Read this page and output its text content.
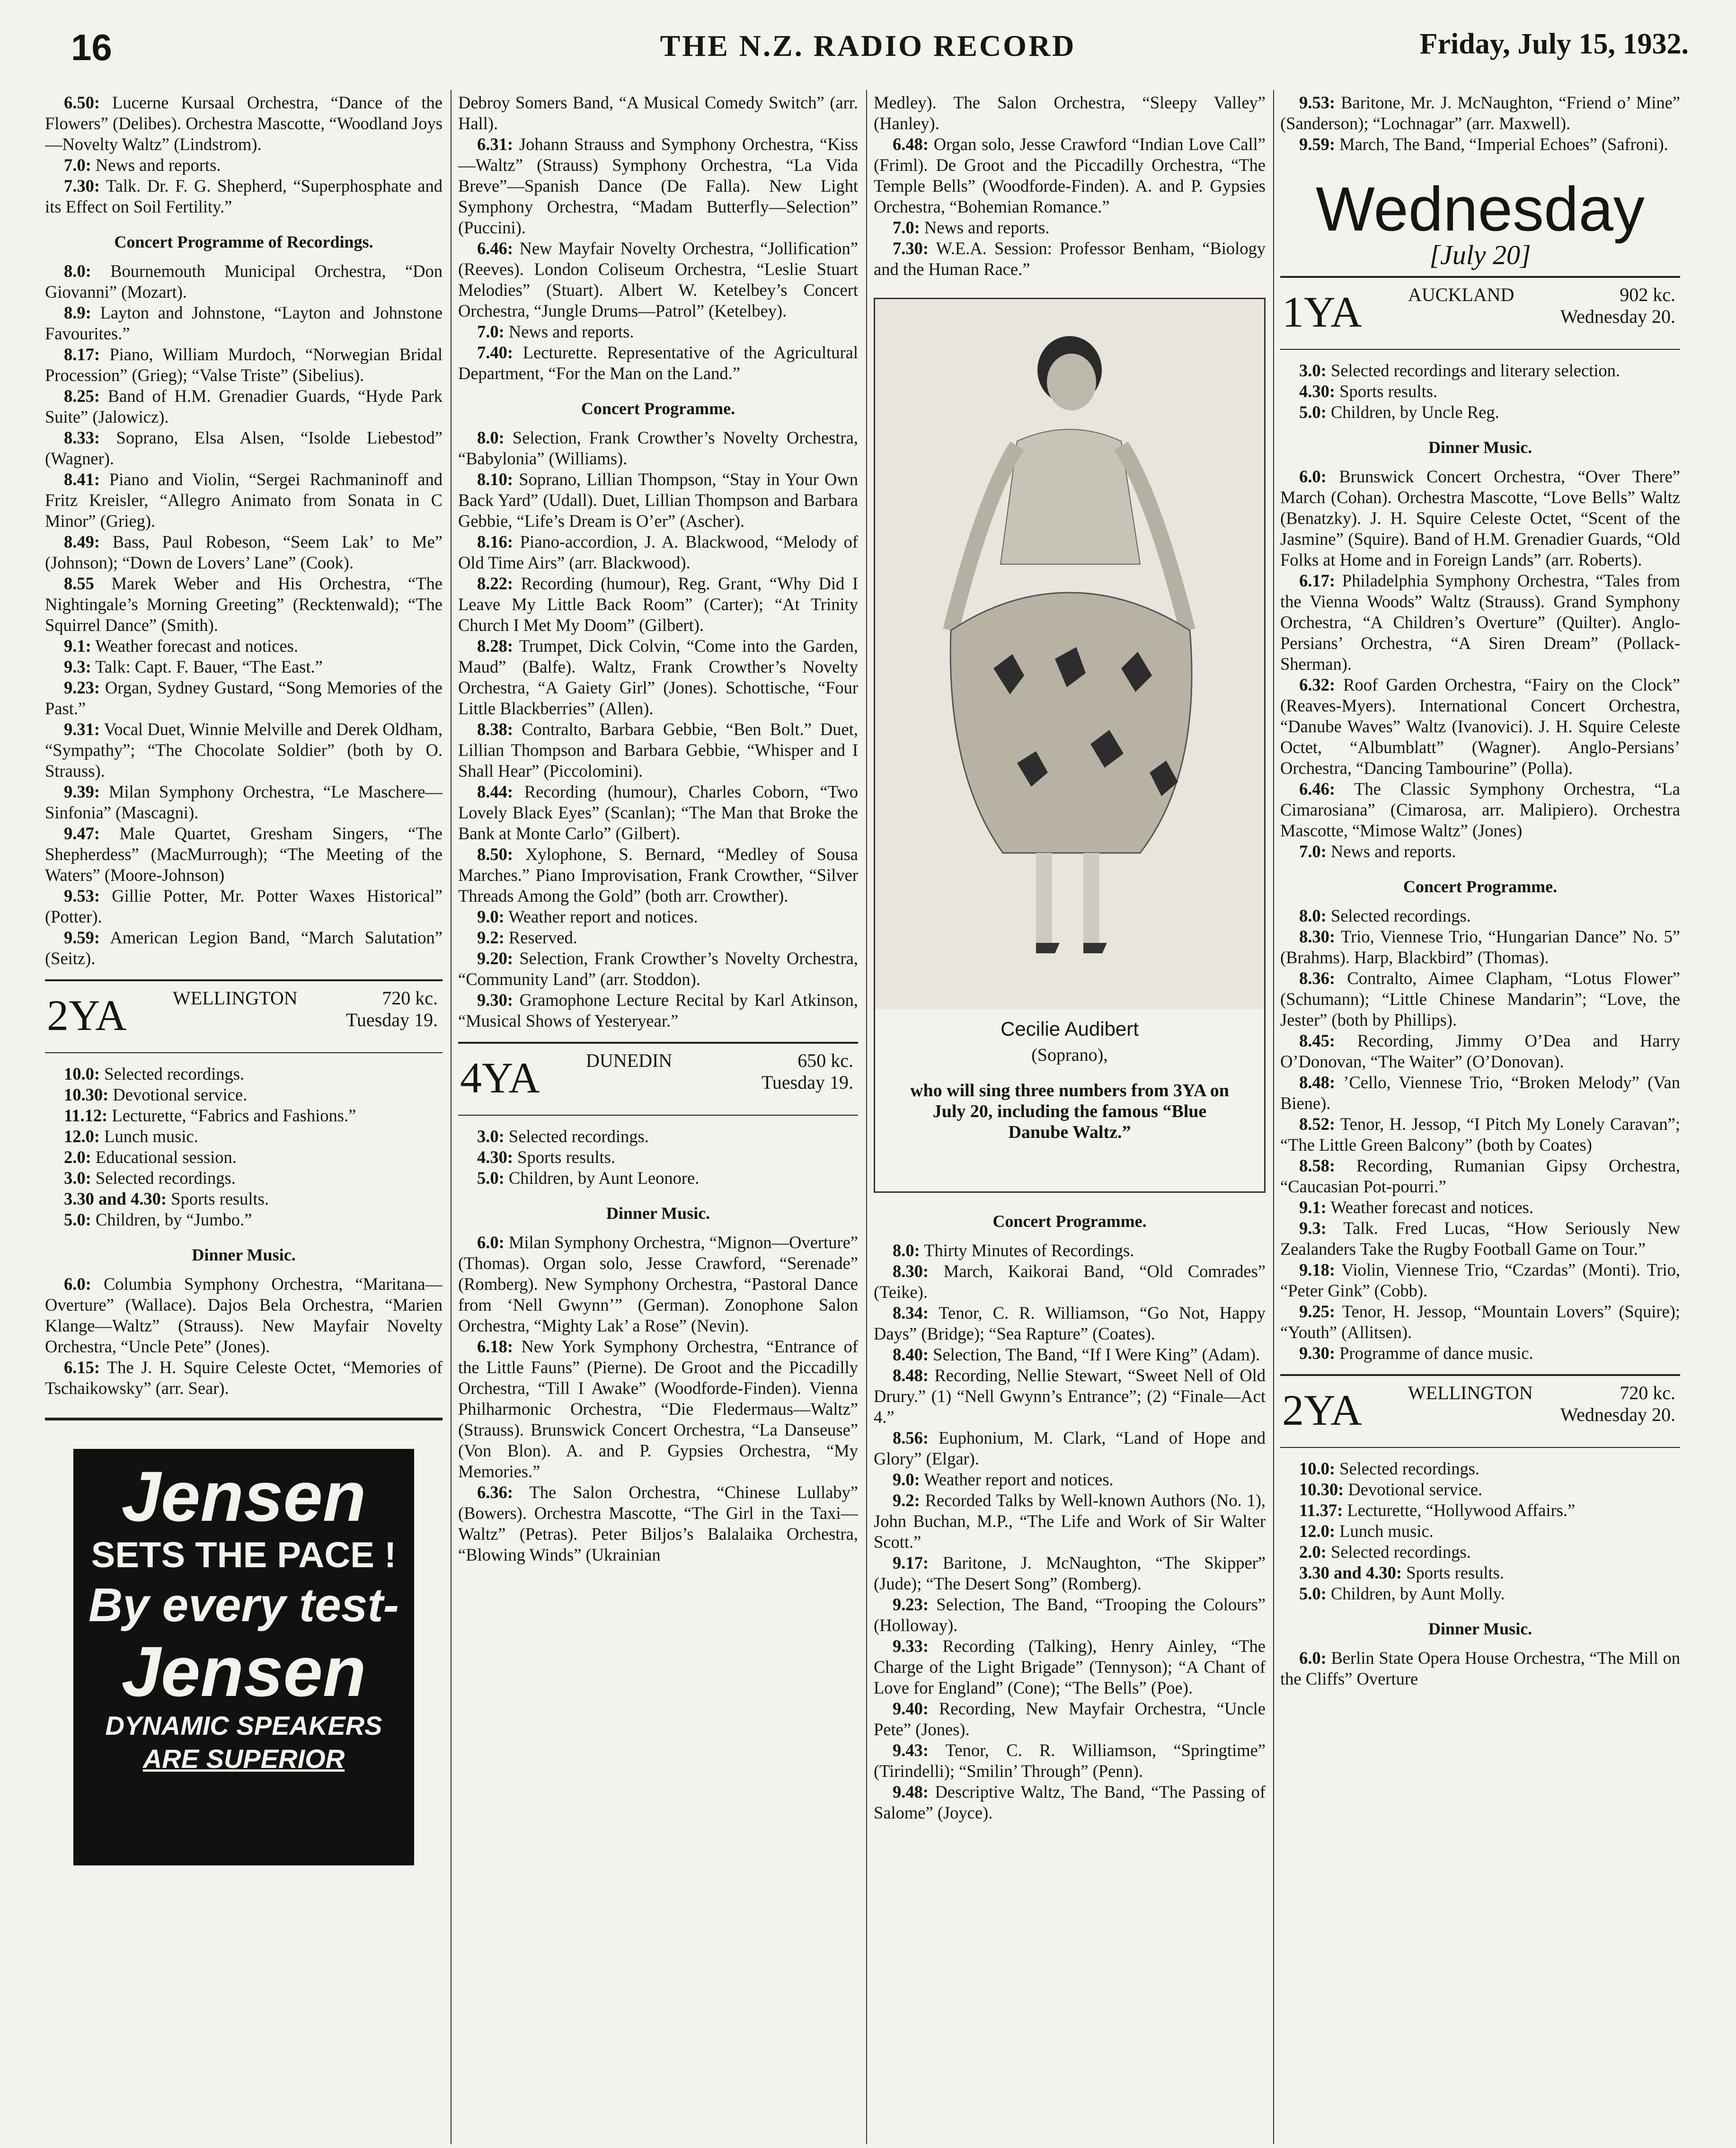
16	THE N.Z. RADIO RECORD	Friday, July 15, 1932.

6.50: Lucerne Kursaal Orchestra, “Dance of the Flowers” (Delibes). Orchestra Mascotte, “Woodland Joys—Novelty Waltz” (Lindstrom).

7.0: News and reports.

7.30: Talk. Dr. F. G. Shepherd, “Superphosphate and its Effect on Soil Fertility.”

Concert Programme of Recordings.

8.0: Bournemouth Municipal Orchestra, “Don Giovanni” (Mozart).

8.9: Layton and Johnstone, “Layton and Johnstone Favourites.”

8.17: Piano, William Murdoch, “Norwegian Bridal Procession” (Grieg); “Valse Triste” (Sibelius).

8.25: Band of H.M. Grenadier Guards, “Hyde Park Suite” (Jalowicz).

8.33: Soprano, Elsa Alsen, “Isolde Liebestod” (Wagner).

8.41: Piano and Violin, “Sergei Rachmaninoff and Fritz Kreisler, “Allegro Animato from Sonata in C Minor” (Grieg).

8.49: Bass, Paul Robeson, “Seem Lak’ to Me” (Johnson); “Down de Lovers’ Lane” (Cook).

8.55 Marek Weber and His Orchestra, “The Nightingale’s Morning Greeting” (Recktenwald); “The Squirrel Dance” (Smith).

9.1: Weather forecast and notices.

9.3: Talk: Capt. F. Bauer, “The East.”

9.23: Organ, Sydney Gustard, “Song Memories of the Past.”

9.31: Vocal Duet, Winnie Melville and Derek Oldham, “Sympathy”; “The Chocolate Soldier” (both by O. Strauss).

9.39: Milan Symphony Orchestra, “Le Maschere—Sinfonia” (Mascagni).

9.47: Male Quartet, Gresham Singers, “The Shepherdess” (MacMurrough); “The Meeting of the Waters” (Moore-Johnson)

9.53: Gillie Potter, Mr. Potter Waxes Historical” (Potter).

9.59: American Legion Band, “March Salutation” (Seitz).

2YA WELLINGTON	720 kc.
Tuesday 19.

10.0: Selected recordings.

10.30: Devotional service.

11.12: Lecturette, “Fabrics and Fashions.”

12.0: Lunch music.

2.0: Educational session.

3.0: Selected recordings.

3.30 and 4.30: Sports results.

5.0: Children, by “Jumbo.”

Dinner Music.

6.0: Columbia Symphony Orchestra, “Maritana—Overture” (Wallace). Dajos Bela Orchestra, “Marien Klange—Waltz” (Strauss). New Mayfair Novelty Orchestra, “Uncle Pete” (Jones).

6.15: The J. H. Squire Celeste Octet, “Memories of Tschaikowsky” (arr. Sear).

Jensen
SETS THE PACE !
By every test-
Jensen
DYNAMIC SPEAKERS
ARE SUPERIOR

Debroy Somers Band, “A Musical Comedy Switch” (arr. Hall).

6.31: Johann Strauss and Symphony Orchestra, “Kiss—Waltz” (Strauss) Symphony Orchestra, “La Vida Breve”—Spanish Dance (De Falla). New Light Symphony Orchestra, “Madam Butterfly—Selection” (Puccini).

6.46: New Mayfair Novelty Orchestra, “Jollification” (Reeves). London Coliseum Orchestra, “Leslie Stuart Melodies” (Stuart). Albert W. Ketelbey’s Concert Orchestra, “Jungle Drums—Patrol” (Ketelbey).

7.0: News and reports.

7.40: Lecturette. Representative of the Agricultural Department, “For the Man on the Land.”

Concert Programme.

8.0: Selection, Frank Crowther’s Novelty Orchestra, “Babylonia” (Williams).

8.10: Soprano, Lillian Thompson, “Stay in Your Own Back Yard” (Udall). Duet, Lillian Thompson and Barbara Gebbie, “Life’s Dream is O’er” (Ascher).

8.16: Piano-accordion, J. A. Blackwood, “Melody of Old Time Airs” (arr. Blackwood).

8.22: Recording (humour), Reg. Grant, “Why Did I Leave My Little Back Room” (Carter); “At Trinity Church I Met My Doom” (Gilbert).

8.28: Trumpet, Dick Colvin, “Come into the Garden, Maud” (Balfe). Waltz, Frank Crowther’s Novelty Orchestra, “A Gaiety Girl” (Jones). Schottische, “Four Little Blackberries” (Allen).

8.38: Contralto, Barbara Gebbie, “Ben Bolt.” Duet, Lillian Thompson and Barbara Gebbie, “Whisper and I Shall Hear” (Piccolomini).

8.44: Recording (humour), Charles Coborn, “Two Lovely Black Eyes” (Scanlan); “The Man that Broke the Bank at Monte Carlo” (Gilbert).

8.50: Xylophone, S. Bernard, “Medley of Sousa Marches.” Piano Improvisation, Frank Crowther, “Silver Threads Among the Gold” (both arr. Crowther).

9.0: Weather report and notices.

9.2: Reserved.

9.20: Selection, Frank Crowther’s Novelty Orchestra, “Community Land” (arr. Stoddon).

9.30: Gramophone Lecture Recital by Karl Atkinson, “Musical Shows of Yesteryear.”

4YA DUNEDIN	650 kc.
Tuesday 19.

3.0: Selected recordings.

4.30: Sports results.

5.0: Children, by Aunt Leonore.

Dinner Music.

6.0: Milan Symphony Orchestra, “Mignon—Overture” (Thomas). Organ solo, Jesse Crawford, “Serenade” (Romberg). New Symphony Orchestra, “Pastoral Dance from ‘Nell Gwynn’” (German). Zonophone Salon Orchestra, “Mighty Lak’ a Rose” (Nevin).

6.18: New York Symphony Orchestra, “Entrance of the Little Fauns” (Pierne). De Groot and the Piccadilly Orchestra, “Till I Awake” (Woodforde-Finden). Vienna Philharmonic Orchestra, “Die Fledermaus—Waltz” (Strauss). Brunswick Concert Orchestra, “La Danseuse” (Von Blon). A. and P. Gypsies Orchestra, “My Memories.”

6.36: The Salon Orchestra, “Chinese Lullaby” (Bowers). Orchestra Mascotte, “The Girl in the Taxi—Waltz” (Petras). Peter Biljos’s Balalaika Orchestra, “Blowing Winds” (Ukrainian

Medley). The Salon Orchestra, “Sleepy Valley” (Hanley).

6.48: Organ solo, Jesse Crawford “Indian Love Call” (Friml). De Groot and the Piccadilly Orchestra, “The Temple Bells” (Woodforde-Finden). A. and P. Gypsies Orchestra, “Bohemian Romance.”

7.0: News and reports.

7.30: W.E.A. Session: Professor Benham, “Biology and the Human Race.”

Cecilie Audibert
(Soprano),
who will sing three numbers from 3YA on July 20, including the famous “Blue Danube Waltz.”
Concert Programme.

8.0: Thirty Minutes of Recordings.

8.30: March, Kaikorai Band, “Old Comrades” (Teike).

8.34: Tenor, C. R. Williamson, “Go Not, Happy Days” (Bridge); “Sea Rapture” (Coates).

8.40: Selection, The Band, “If I Were King” (Adam).

8.48: Recording, Nellie Stewart, “Sweet Nell of Old Drury.” (1) “Nell Gwynn’s Entrance”; (2) “Finale—Act 4.”

8.56: Euphonium, M. Clark, “Land of Hope and Glory” (Elgar).

9.0: Weather report and notices.

9.2: Recorded Talks by Well-known Authors (No. 1), John Buchan, M.P., “The Life and Work of Sir Walter Scott.”

9.17: Baritone, J. McNaughton, “The Skipper” (Jude); “The Desert Song” (Romberg).

9.23: Selection, The Band, “Trooping the Colours” (Holloway).

9.33: Recording (Talking), Henry Ainley, “The Charge of the Light Brigade” (Tennyson); “A Chant of Love for England” (Cone); “The Bells” (Poe).

9.40: Recording, New Mayfair Orchestra, “Uncle Pete” (Jones).

9.43: Tenor, C. R. Williamson, “Springtime” (Tirindelli); “Smilin’ Through” (Penn).

9.48: Descriptive Waltz, The Band, “The Passing of Salome” (Joyce).

9.53: Baritone, Mr. J. McNaughton, “Friend o’ Mine” (Sanderson); “Lochnagar” (arr. Maxwell).

9.59: March, The Band, “Imperial Echoes” (Safroni).

Wednesday
[July 20]
1YA AUCKLAND	902 kc.
Wednesday 20.

3.0: Selected recordings and literary selection.

4.30: Sports results.

5.0: Children, by Uncle Reg.

Dinner Music.

6.0: Brunswick Concert Orchestra, “Over There” March (Cohan). Orchestra Mascotte, “Love Bells” Waltz (Benatzky). J. H. Squire Celeste Octet, “Scent of the Jasmine” (Squire). Band of H.M. Grenadier Guards, “Old Folks at Home and in Foreign Lands” (arr. Roberts).

6.17: Philadelphia Symphony Orchestra, “Tales from the Vienna Woods” Waltz (Strauss). Grand Symphony Orchestra, “A Children’s Overture” (Quilter). Anglo-Persians’ Orchestra, “A Siren Dream” (Pollack-Sherman).

6.32: Roof Garden Orchestra, “Fairy on the Clock” (Reaves-Myers). International Concert Orchestra, “Danube Waves” Waltz (Ivanovici). J. H. Squire Celeste Octet, “Albumblatt” (Wagner). Anglo-Persians’ Orchestra, “Dancing Tambourine” (Polla).

6.46: The Classic Symphony Orchestra, “La Cimarosiana” (Cimarosa, arr. Malipiero). Orchestra Mascotte, “Mimose Waltz” (Jones)

7.0: News and reports.

Concert Programme.

8.0: Selected recordings.

8.30: Trio, Viennese Trio, “Hungarian Dance” No. 5” (Brahms). Harp, Blackbird” (Thomas).

8.36: Contralto, Aimee Clapham, “Lotus Flower” (Schumann); “Little Chinese Mandarin”; “Love, the Jester” (both by Phillips).

8.45: Recording, Jimmy O’Dea and Harry O’Donovan, “The Waiter” (O’Donovan).

8.48: ’Cello, Viennese Trio, “Broken Melody” (Van Biene).

8.52: Tenor, H. Jessop, “I Pitch My Lonely Caravan”; “The Little Green Balcony” (both by Coates)

8.58: Recording, Rumanian Gipsy Orchestra, “Caucasian Pot-pourri.”

9.1: Weather forecast and notices.

9.3: Talk. Fred Lucas, “How Seriously New Zealanders Take the Rugby Football Game on Tour.”

9.18: Violin, Viennese Trio, “Czardas” (Monti). Trio, “Peter Gink” (Cobb).

9.25: Tenor, H. Jessop, “Mountain Lovers” (Squire); “Youth” (Allitsen).

9.30: Programme of dance music.

2YA WELLINGTON	720 kc.
Wednesday 20.

10.0: Selected recordings.

10.30: Devotional service.

11.37: Lecturette, “Hollywood Affairs.”

12.0: Lunch music.

2.0: Selected recordings.

3.30 and 4.30: Sports results.

5.0: Children, by Aunt Molly.

Dinner Music.

6.0: Berlin State Opera House Orchestra, “The Mill on the Cliffs” Overture
